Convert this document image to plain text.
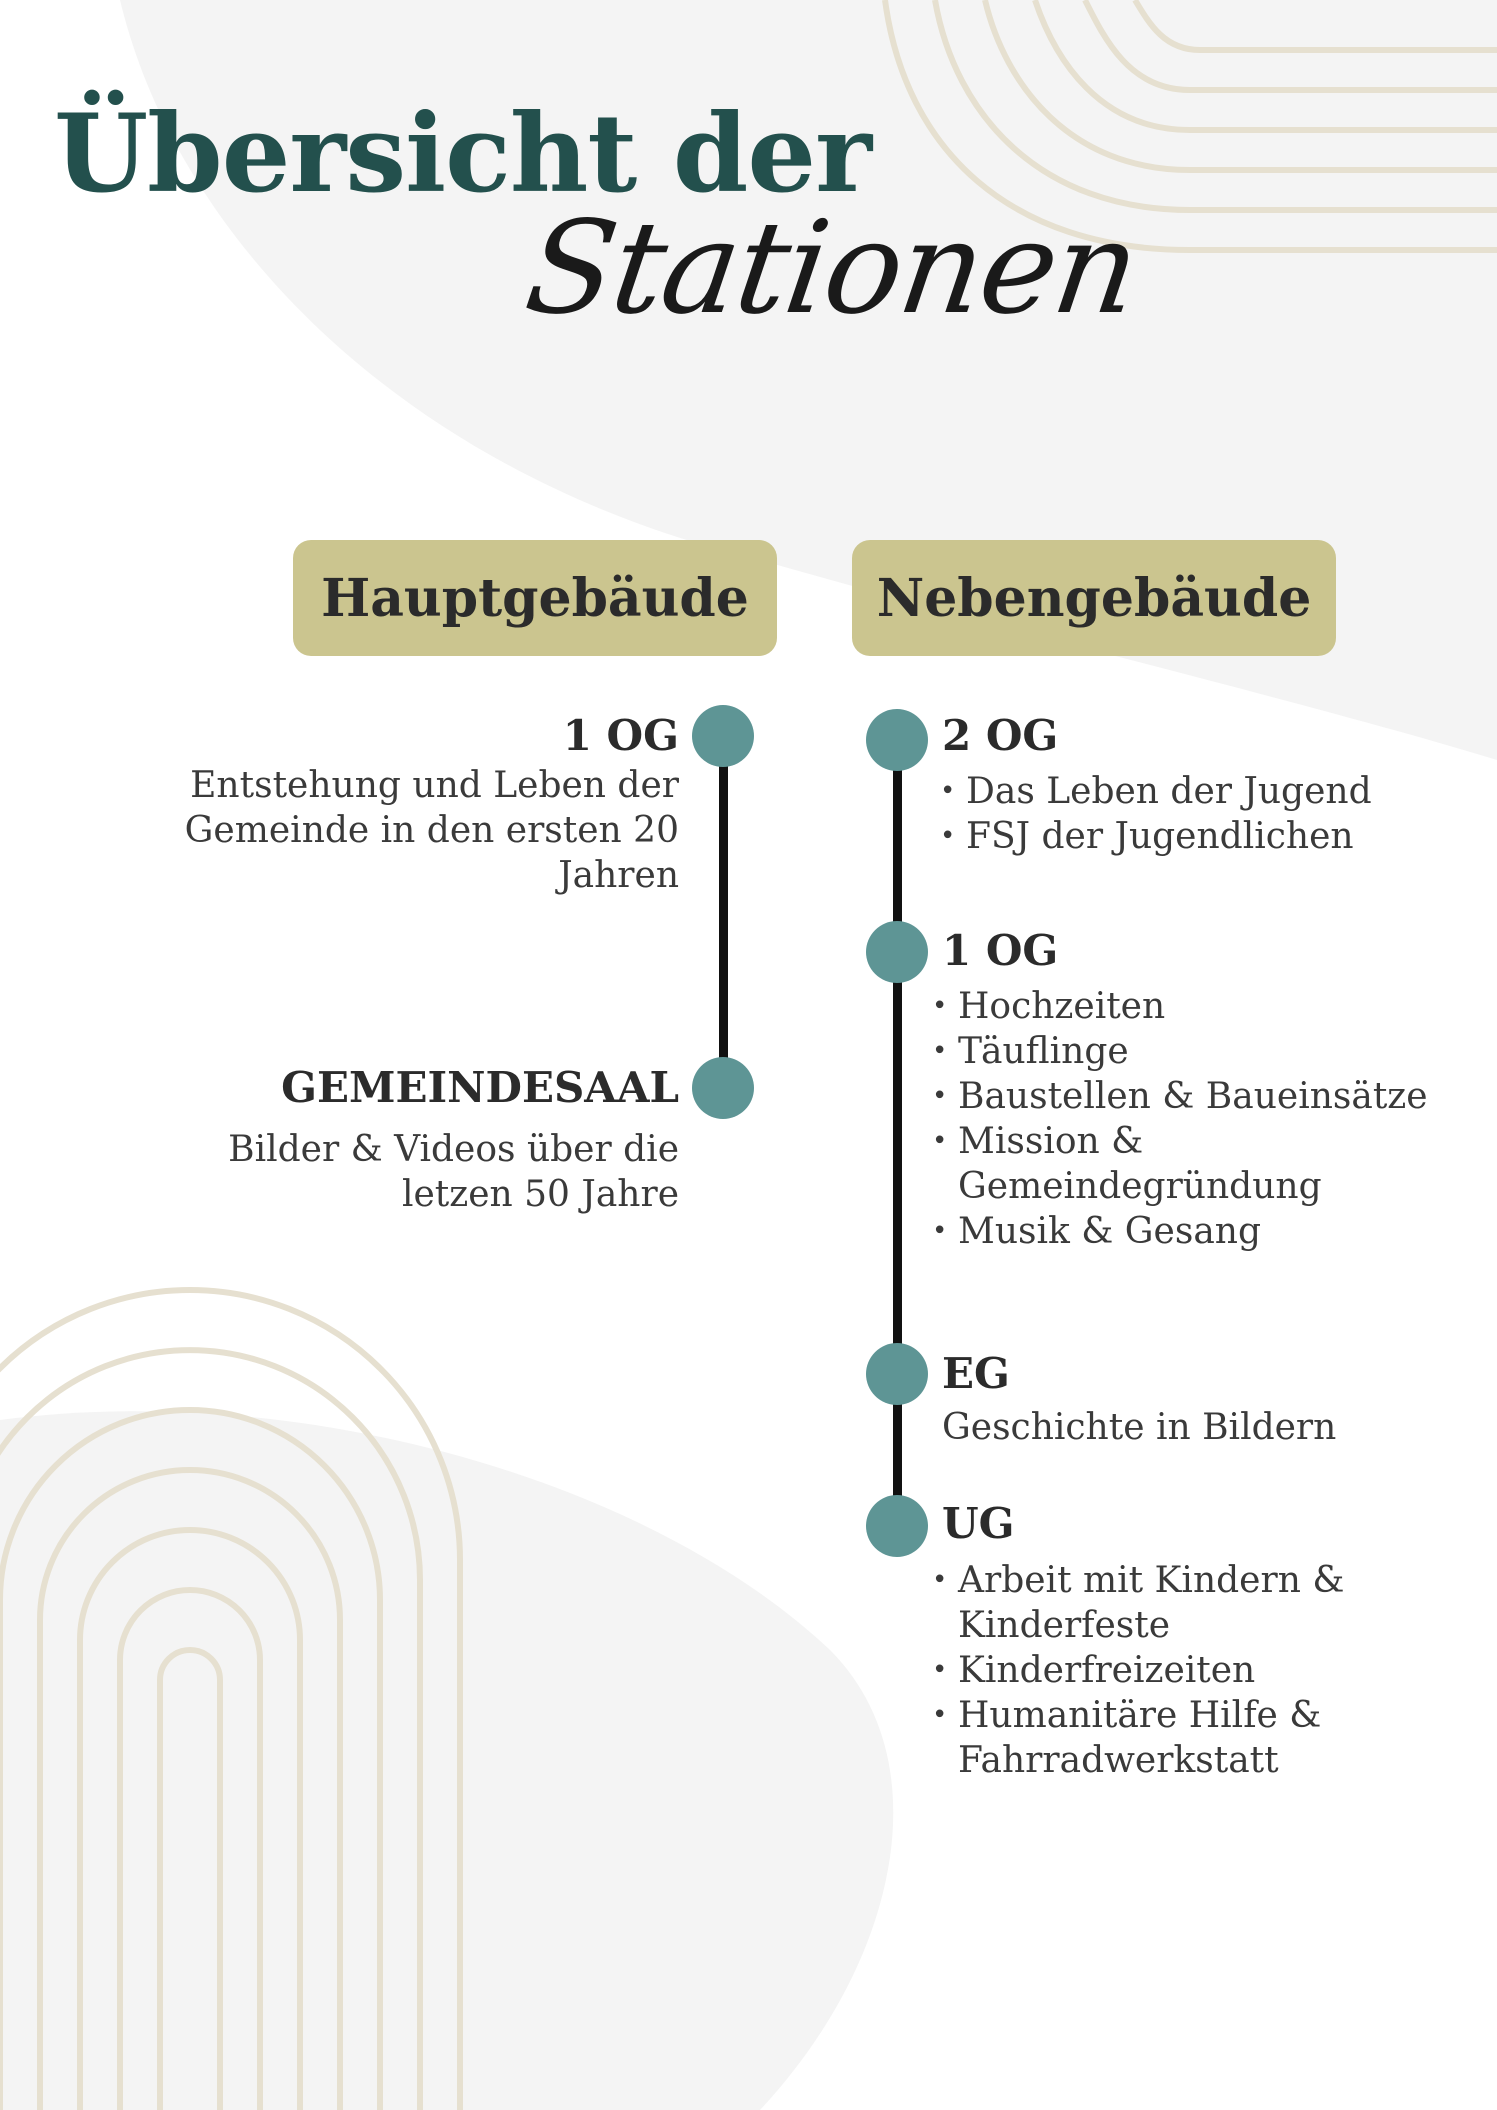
Übersicht der
Stationen
Hauptgebäude	Nebengebäude
1 OG
Entstehung und Leben der Gemeinde in den ersten 20 Jahren
GEMEINDESAAL
Bilder & Videos über die letzen 50 Jahre
2 OG
• Das Leben der Jugend
• FSJ der Jugendlichen
1 OG
• Hochzeiten
• Täuflinge
• Baustellen & Baueinsätze
• Mission & Gemeindegründung
• Musik & Gesang
EG
Geschichte in Bildern
UG
• Arbeit mit Kindern & Kinderfeste
• Kinderfreizeiten
• Humanitäre Hilfe & Fahrradwerkstatt
